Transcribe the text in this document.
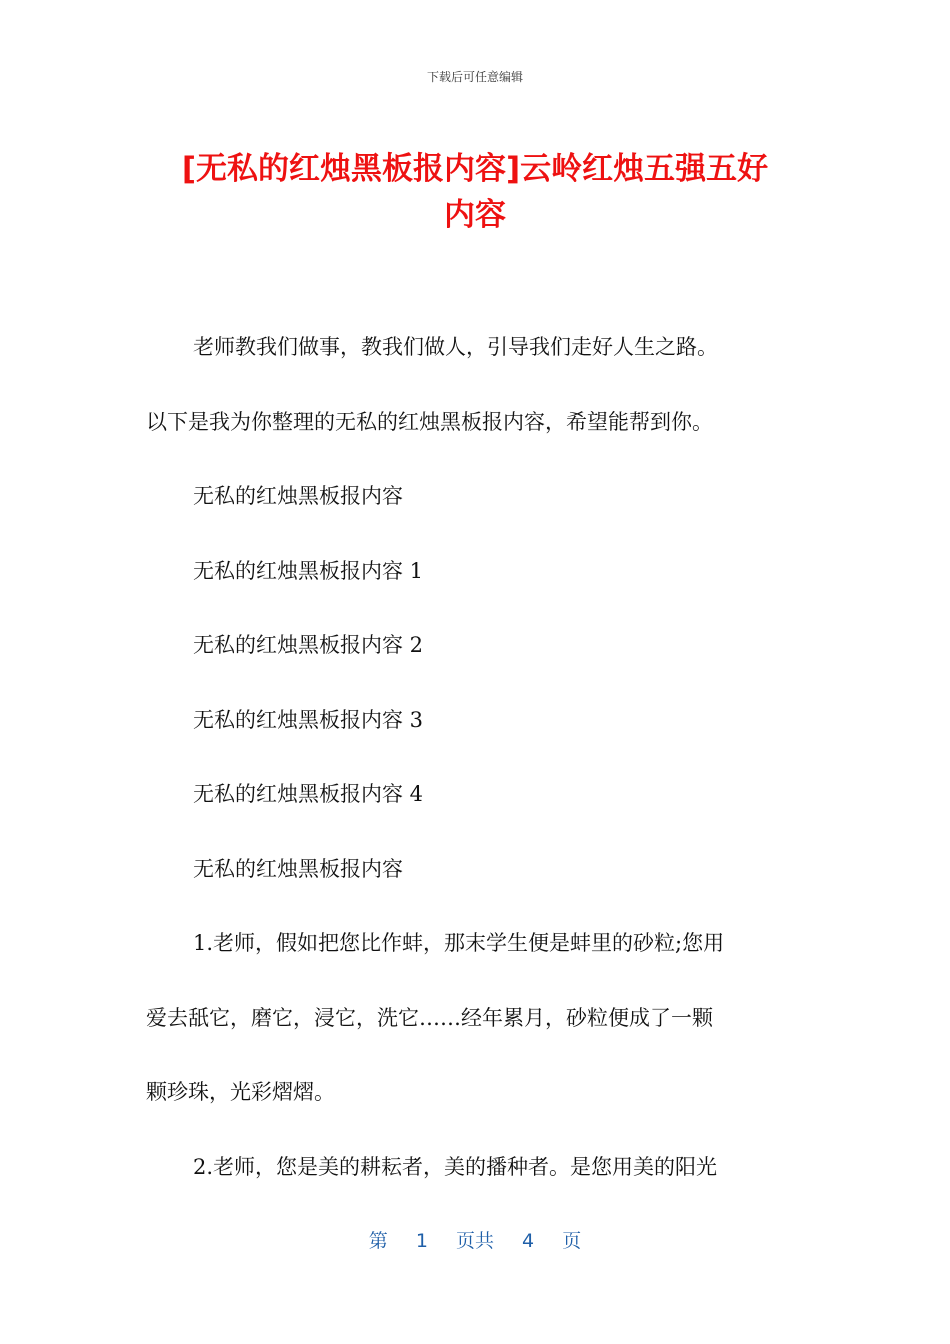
下载后可任意编辑
[无私的红烛黑板报内容]云岭红烛五强五好
内容

老师教我们做事，教我们做人，引导我们走好人生之路。

以下是我为你整理的无私的红烛黑板报内容，希望能帮到你。

无私的红烛黑板报内容

无私的红烛黑板报内容 1

无私的红烛黑板报内容 2

无私的红烛黑板报内容 3

无私的红烛黑板报内容 4

无私的红烛黑板报内容

1.老师，假如把您比作蚌，那末学生便是蚌里的砂粒;您用

爱去舐它，磨它，浸它，洗它……经年累月，砂粒便成了一颗

颗珍珠，光彩熠熠。

2.老师，您是美的耕耘者，美的播种者。是您用美的阳光

第 1 页共 4 页
